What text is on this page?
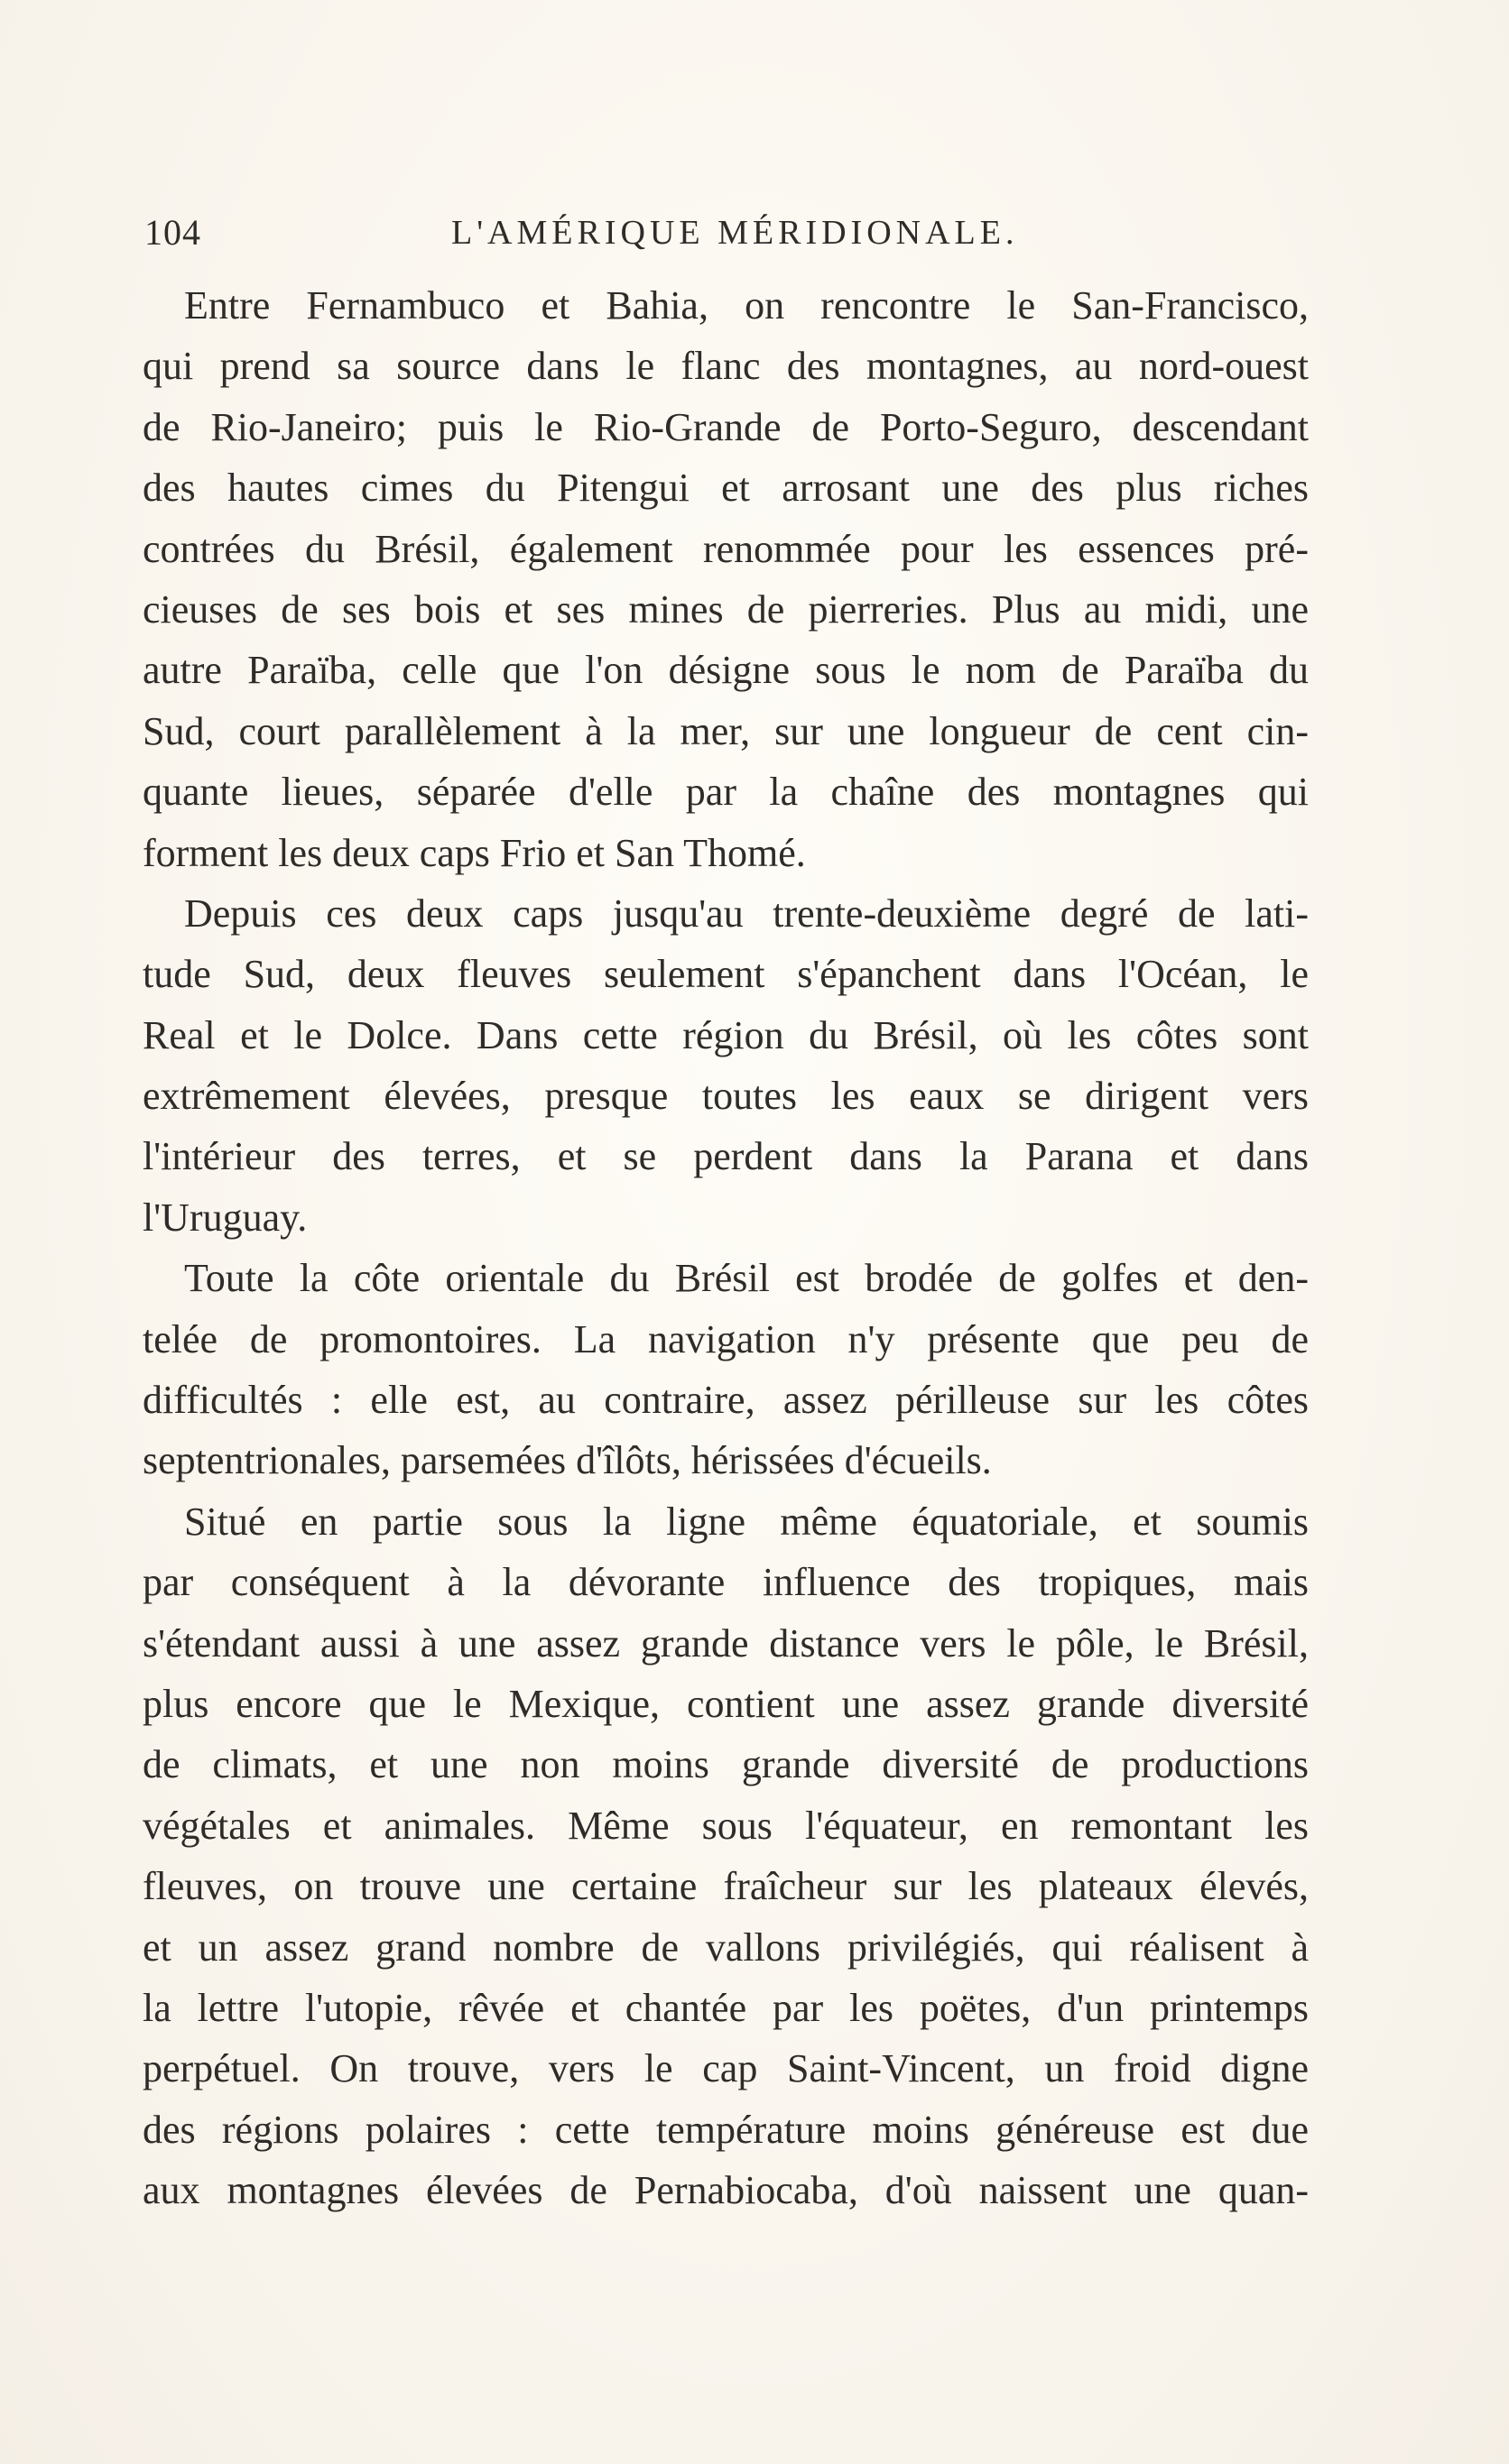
104	L'AMÉRIQUE MÉRIDIONALE.
Entre Fernambuco et Bahia, on rencontre le San-Francisco,
qui prend sa source dans le flanc des montagnes, au nord-ouest
de Rio-Janeiro; puis le Rio-Grande de Porto-Seguro, descendant
des hautes cimes du Pitengui et arrosant une des plus riches
contrées du Brésil, également renommée pour les essences pré-
cieuses de ses bois et ses mines de pierreries. Plus au midi, une
autre Paraïba, celle que l'on désigne sous le nom de Paraïba du
Sud, court parallèlement à la mer, sur une longueur de cent cin-
quante lieues, séparée d'elle par la chaîne des montagnes qui
forment les deux caps Frio et San Thomé.
Depuis ces deux caps jusqu'au trente-deuxième degré de lati-
tude Sud, deux fleuves seulement s'épanchent dans l'Océan, le
Real et le Dolce. Dans cette région du Brésil, où les côtes sont
extrêmement élevées, presque toutes les eaux se dirigent vers
l'intérieur des terres, et se perdent dans la Parana et dans
l'Uruguay.
Toute la côte orientale du Brésil est brodée de golfes et den-
telée de promontoires. La navigation n'y présente que peu de
difficultés : elle est, au contraire, assez périlleuse sur les côtes
septentrionales, parsemées d'îlôts, hérissées d'écueils.
Situé en partie sous la ligne même équatoriale, et soumis
par conséquent à la dévorante influence des tropiques, mais
s'étendant aussi à une assez grande distance vers le pôle, le Brésil,
plus encore que le Mexique, contient une assez grande diversité
de climats, et une non moins grande diversité de productions
végétales et animales. Même sous l'équateur, en remontant les
fleuves, on trouve une certaine fraîcheur sur les plateaux élevés,
et un assez grand nombre de vallons privilégiés, qui réalisent à
la lettre l'utopie, rêvée et chantée par les poëtes, d'un printemps
perpétuel. On trouve, vers le cap Saint-Vincent, un froid digne
des régions polaires : cette température moins généreuse est due
aux montagnes élevées de Pernabiocaba, d'où naissent une quan-
